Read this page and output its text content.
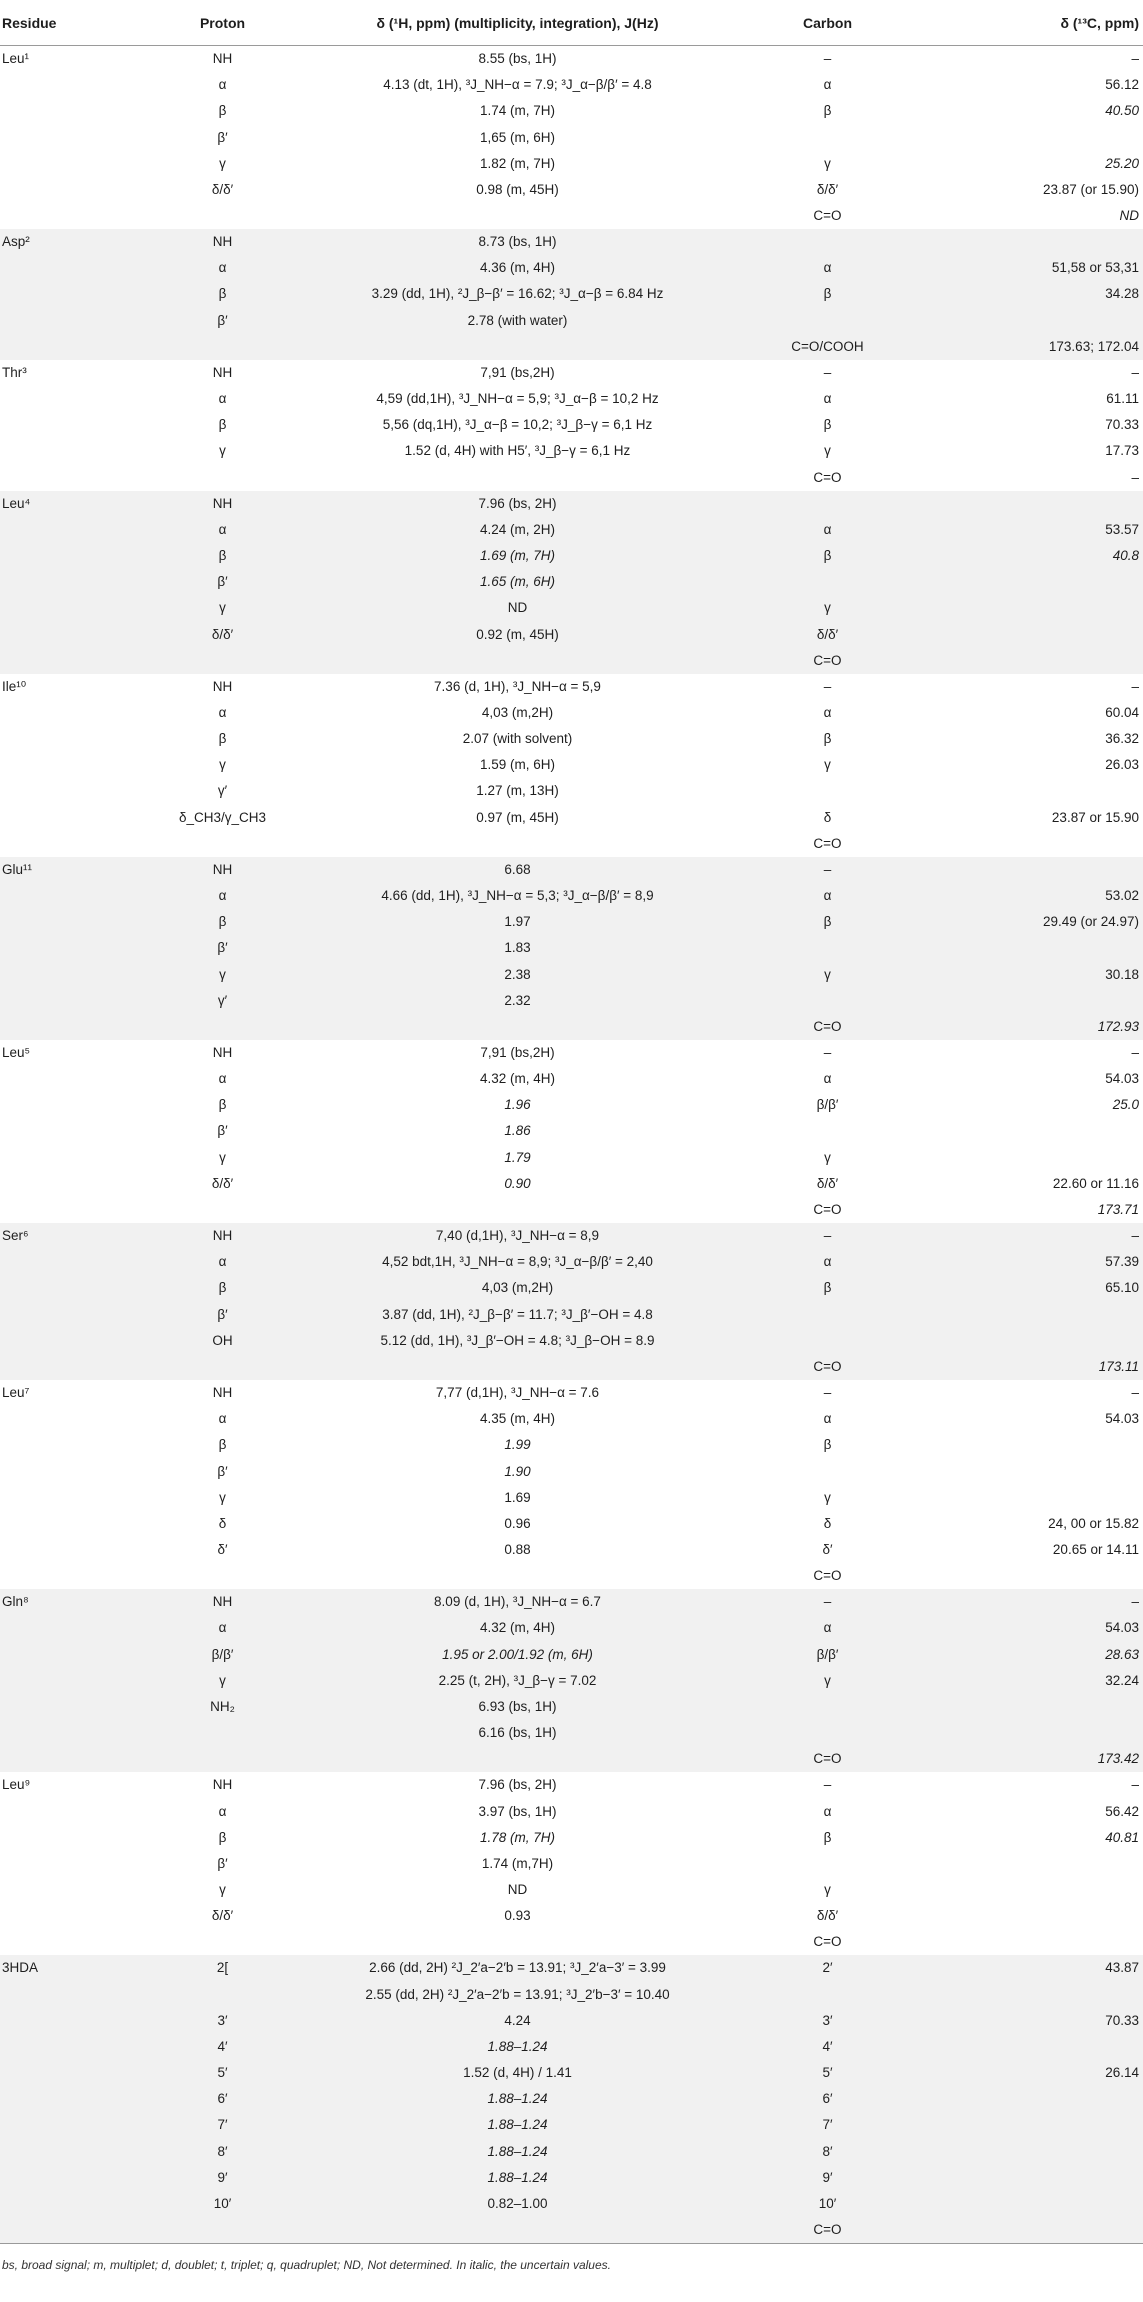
Residue	Proton	δ (¹H, ppm) (multiplicity, integration), J(Hz)	Carbon	δ (¹³C, ppm)
Leu¹	NH	8.55 (bs, 1H)	–	–
	α	4.13 (dt, 1H), ³J_NH−α = 7.9; ³J_α−β/β′ = 4.8	α	56.12
	β	1.74 (m, 7H)	β	40.50
	β′	1,65 (m, 6H)		
	γ	1.82 (m, 7H)	γ	25.20
	δ/δ′	0.98 (m, 45H)	δ/δ′	23.87 (or 15.90)
			C=O	ND
Asp²	NH	8.73 (bs, 1H)		
	α	4.36 (m, 4H)	α	51,58 or 53,31
	β	3.29 (dd, 1H), ²J_β−β′ = 16.62; ³J_α−β = 6.84 Hz	β	34.28
	β′	2.78 (with water)		
			C=O/COOH	173.63; 172.04
Thr³	NH	7,91 (bs,2H)	–	–
	α	4,59 (dd,1H), ³J_NH−α = 5,9; ³J_α−β = 10,2 Hz	α	61.11
	β	5,56 (dq,1H), ³J_α−β = 10,2; ³J_β−γ = 6,1 Hz	β	70.33
	γ	1.52 (d, 4H) with H5′, ³J_β−γ = 6,1 Hz	γ	17.73
			C=O	–
Leu⁴	NH	7.96 (bs, 2H)		
	α	4.24 (m, 2H)	α	53.57
	β	1.69 (m, 7H)	β	40.8
	β′	1.65 (m, 6H)		
	γ	ND	γ	
	δ/δ′	0.92 (m, 45H)	δ/δ′	
			C=O	
Ile¹⁰	NH	7.36 (d, 1H), ³J_NH−α = 5,9	–	–
	α	4,03 (m,2H)	α	60.04
	β	2.07 (with solvent)	β	36.32
	γ	1.59 (m, 6H)	γ	26.03
	γ′	1.27 (m, 13H)		
	δ_CH3/γ_CH3	0.97 (m, 45H)	δ	23.87 or 15.90
			C=O	
Glu¹¹	NH	6.68	–	
	α	4.66 (dd, 1H), ³J_NH−α = 5,3; ³J_α−β/β′ = 8,9	α	53.02
	β	1.97	β	29.49 (or 24.97)
	β′	1.83		
	γ	2.38	γ	30.18
	γ′	2.32		
			C=O	172.93
Leu⁵	NH	7,91 (bs,2H)	–	–
	α	4.32 (m, 4H)	α	54.03
	β	1.96	β/β′	25.0
	β′	1.86		
	γ	1.79	γ	
	δ/δ′	0.90	δ/δ′	22.60 or 11.16
			C=O	173.71
Ser⁶	NH	7,40 (d,1H), ³J_NH−α = 8,9	–	–
	α	4,52 bdt,1H, ³J_NH−α = 8,9; ³J_α−β/β′ = 2,40	α	57.39
	β	4,03 (m,2H)	β	65.10
	β′	3.87 (dd, 1H), ²J_β−β′ = 11.7; ³J_β′−OH = 4.8		
	OH	5.12 (dd, 1H), ³J_β′−OH = 4.8; ³J_β−OH = 8.9		
			C=O	173.11
Leu⁷	NH	7,77 (d,1H), ³J_NH−α = 7.6	–	–
	α	4.35 (m, 4H)	α	54.03
	β	1.99	β	
	β′	1.90		
	γ	1.69	γ	
	δ	0.96	δ	24, 00 or 15.82
	δ′	0.88	δ′	20.65 or 14.11
			C=O	
Gln⁸	NH	8.09 (d, 1H), ³J_NH−α = 6.7	–	–
	α	4.32 (m, 4H)	α	54.03
	β/β′	1.95 or 2.00/1.92 (m, 6H)	β/β′	28.63
	γ	2.25 (t, 2H), ³J_β−γ = 7.02	γ	32.24
	NH₂	6.93 (bs, 1H)		
		6.16 (bs, 1H)		
			C=O	173.42
Leu⁹	NH	7.96 (bs, 2H)	–	–
	α	3.97 (bs, 1H)	α	56.42
	β	1.78 (m, 7H)	β	40.81
	β′	1.74 (m,7H)		
	γ	ND	γ	
	δ/δ′	0.93	δ/δ′	
			C=O	
3HDA	2[	2.66 (dd, 2H) ²J_2′a−2′b = 13.91; ³J_2′a−3′ = 3.99	2′	43.87
		2.55 (dd, 2H) ²J_2′a−2′b = 13.91; ³J_2′b−3′ = 10.40		
	3′	4.24	3′	70.33
	4′	1.88–1.24	4′	
	5′	1.52 (d, 4H) / 1.41	5′	26.14
	6′	1.88–1.24	6′	
	7′	1.88–1.24	7′	
	8′	1.88–1.24	8′	
	9′	1.88–1.24	9′	
	10′	0.82–1.00	10′	
			C=O	
bs, broad signal; m, multiplet; d, doublet; t, triplet; q, quadruplet; ND, Not determined. In italic, the uncertain values.
